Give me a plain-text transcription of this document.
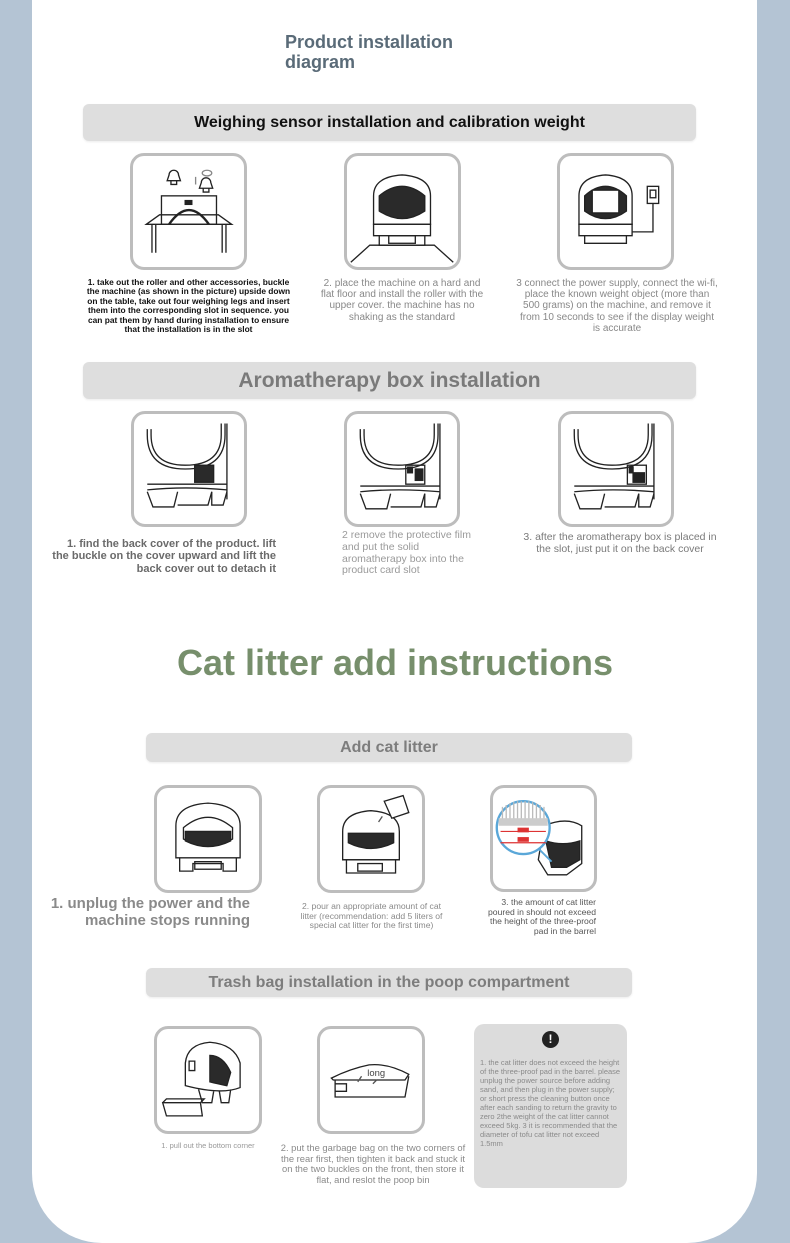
Product installation
diagram
Weighing sensor installation and calibration weight
1. take out the roller and other accessories, buckle the machine (as shown in the picture) upside down on the table, take out four weighing legs and insert them into the corresponding slot in sequence. you can pat them by hand during installation to ensure that the installation is in the slot
2. place the machine on a hard and flat floor and install the roller with the upper cover. the machine has no shaking as the standard
3 connect the power supply, connect the wi-fi, place the known weight object (more than 500 grams) on the machine, and remove it from 10 seconds to see if the display weight is accurate
Aromatherapy box installation
1. find the back cover of the product. lift the buckle on the cover upward and lift the back cover out to detach it
2 remove the protective film and put the solid aromatherapy box into the product card slot
3. after the aromatherapy box is placed in the slot, just put it on the back cover
Cat litter add instructions
Add cat litter
1. unplug the power and the machine stops running
2. pour an appropriate amount of cat litter (recommendation: add 5 liters of special cat litter for the first time)
3. the amount of cat litter poured in should not exceed the height of the three-proof pad in the barrel
Trash bag installation in the poop compartment
long
1. pull out the bottom corner	2. put the garbage bag on the two corners of the rear first, then tighten it back and stuck it on the two buckles on the front, then store it flat, and reslot the poop bin
!
1. the cat litter does not exceed the height of the three-proof pad in the barrel. please unplug the power source before adding sand, and then plug in the power supply; or short press the cleaning button once after each sanding to return the gravity to zero 2the weight of the cat litter cannot exceed 5kg. 3 it is recommended that the diameter of tofu cat litter not exceed 1.5mm
